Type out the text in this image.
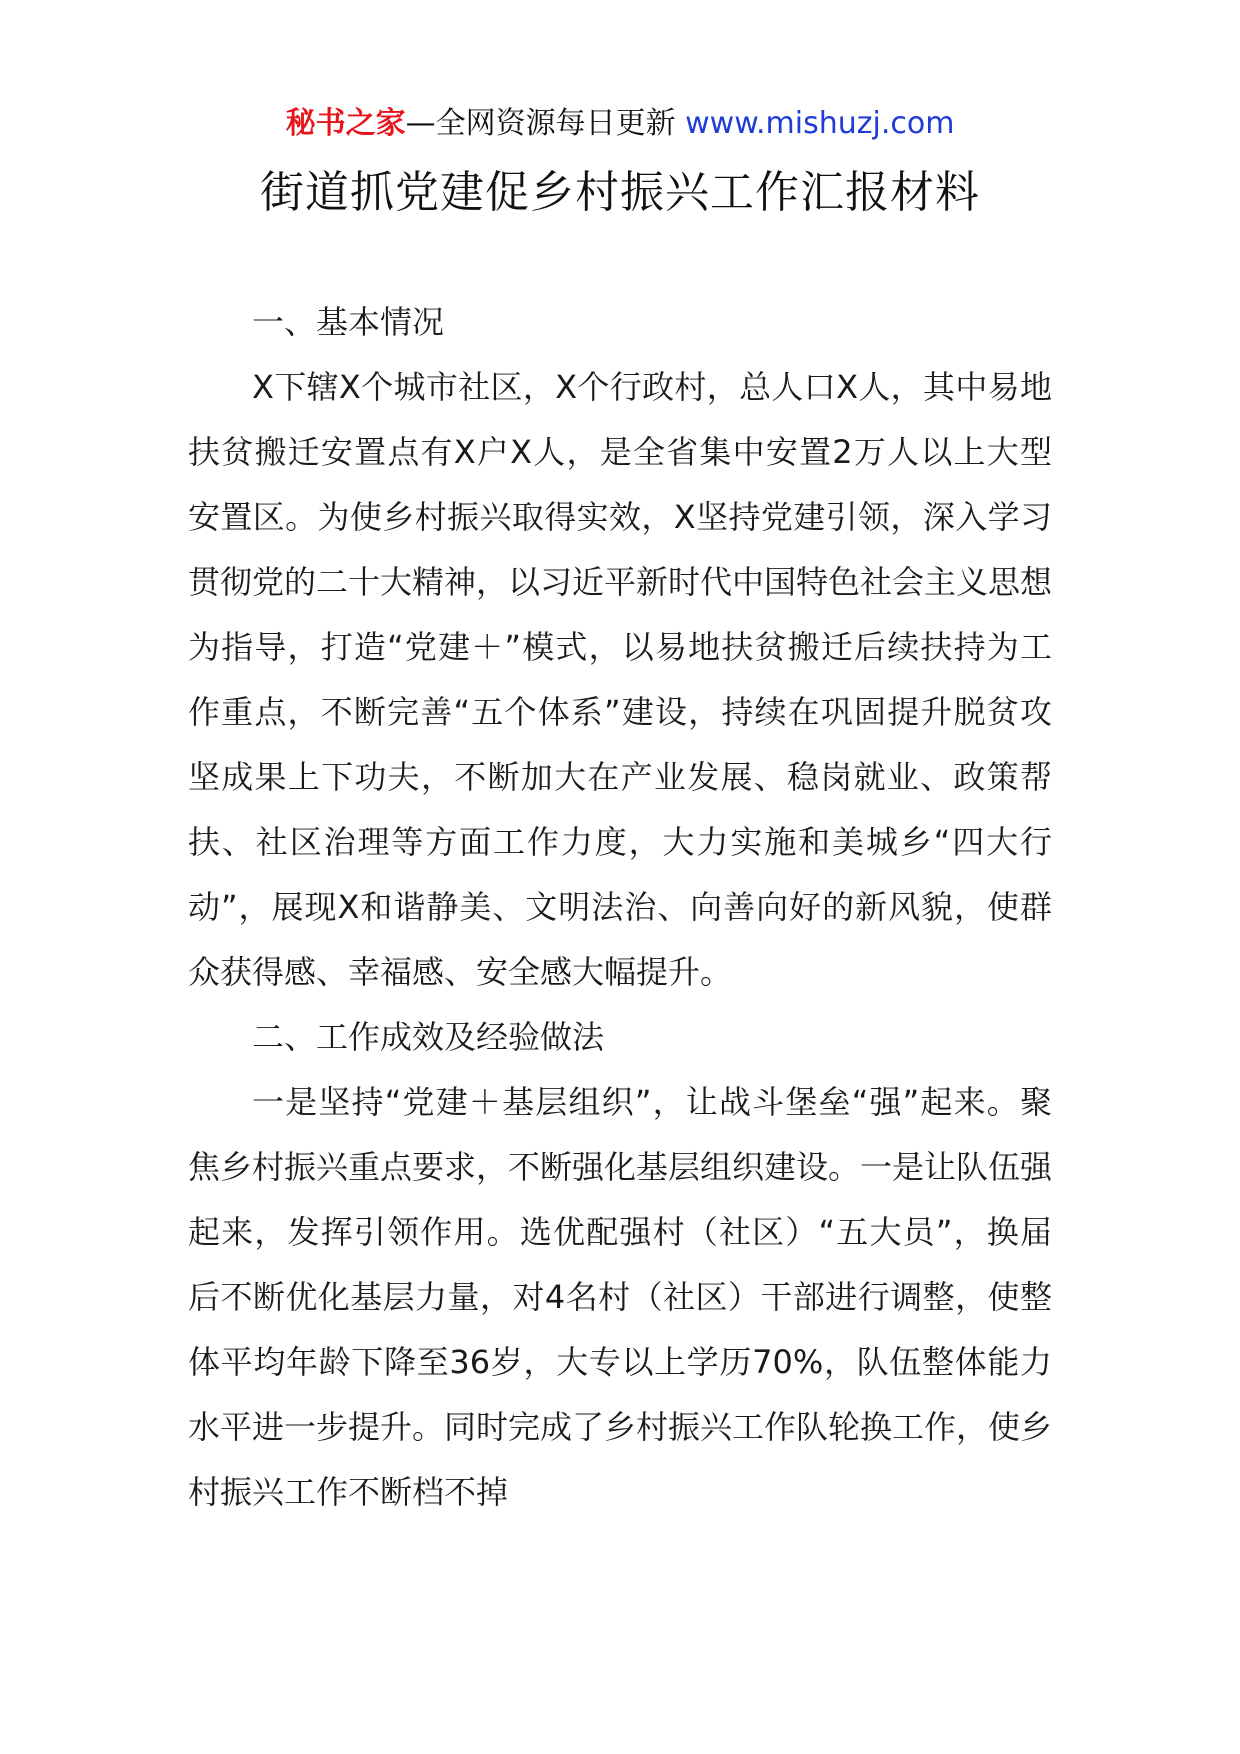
秘书之家—全网资源每日更新 www.mishuzj.com
街道抓党建促乡村振兴工作汇报材料

一、基本情况

X下辖X个城市社区，X个行政村，总人口X人，其中易地扶贫搬迁安置点有X户X人，是全省集中安置2万人以上大型安置区。为使乡村振兴取得实效，X坚持党建引领，深入学习贯彻党的二十大精神，以习近平新时代中国特色社会主义思想为指导，打造“党建＋”模式，以易地扶贫搬迁后续扶持为工作重点，不断完善“五个体系”建设，持续在巩固提升脱贫攻坚成果上下功夫，不断加大在产业发展、稳岗就业、政策帮扶、社区治理等方面工作力度，大力实施和美城乡“四大行动”，展现X和谐静美、文明法治、向善向好的新风貌，使群众获得感、幸福感、安全感大幅提升。

二、工作成效及经验做法

一是坚持“党建＋基层组织”，让战斗堡垒“强”起来。聚焦乡村振兴重点要求，不断强化基层组织建设。一是让队伍强起来，发挥引领作用。选优配强村（社区）“五大员”，换届后不断优化基层力量，对4名村（社区）干部进行调整，使整体平均年龄下降至36岁，大专以上学历70%，队伍整体能力水平进一步提升。同时完成了乡村振兴工作队轮换工作，使乡村振兴工作不断档不掉
